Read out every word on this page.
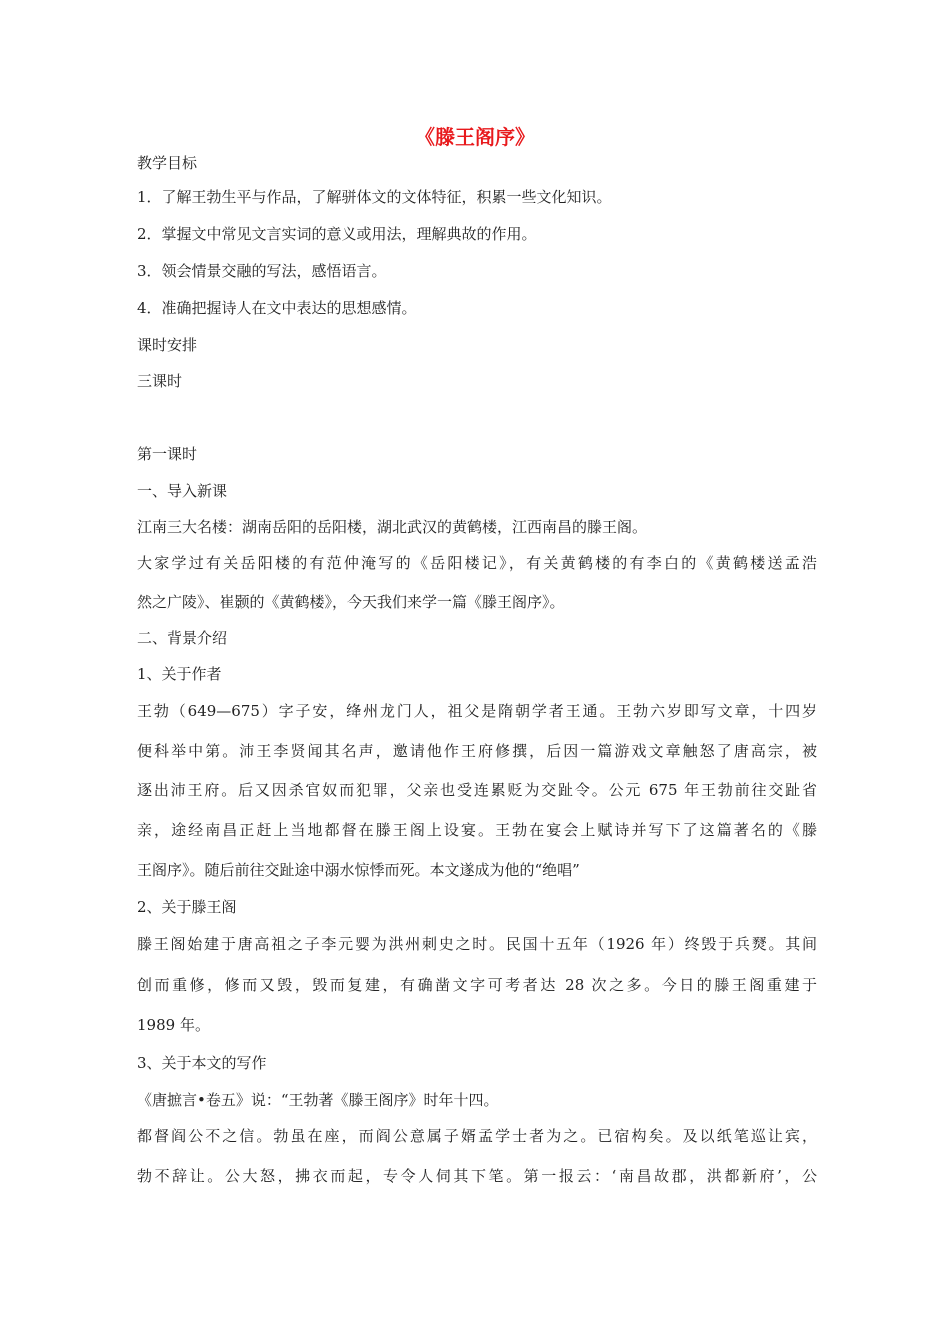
《滕王阁序》
教学目标
1．了解王勃生平与作品，了解骈体文的文体特征，积累一些文化知识。
2．掌握文中常见文言实词的意义或用法，理解典故的作用。
3．领会情景交融的写法，感悟语言。
4．准确把握诗人在文中表达的思想感情。
课时安排
三课时
第一课时
一、导入新课
江南三大名楼：湖南岳阳的岳阳楼，湖北武汉的黄鹤楼，江西南昌的滕王阁。
大家学过有关岳阳楼的有范仲淹写的《岳阳楼记》，有关黄鹤楼的有李白的《黄鹤楼送孟浩
然之广陵》、崔颢的《黄鹤楼》，今天我们来学一篇《滕王阁序》。
二、背景介绍
1、关于作者
王勃（649—675）字子安，绛州龙门人，祖父是隋朝学者王通。王勃六岁即写文章，十四岁
便科举中第。沛王李贤闻其名声，邀请他作王府修撰，后因一篇游戏文章触怒了唐高宗，被
逐出沛王府。后又因杀官奴而犯罪，父亲也受连累贬为交趾令。公元 675 年王勃前往交趾省
亲，途经南昌正赶上当地都督在滕王阁上设宴。王勃在宴会上赋诗并写下了这篇著名的《滕
王阁序》。随后前往交趾途中溺水惊悸而死。本文遂成为他的“绝唱”
2、关于滕王阁
滕王阁始建于唐高祖之子李元婴为洪州刺史之时。民国十五年（1926 年）终毁于兵燹。其间
创而重修，修而又毁，毁而复建，有确凿文字可考者达 28 次之多。今日的滕王阁重建于
1989 年。
3、关于本文的写作
《唐摭言•卷五》说：“王勃著《滕王阁序》时年十四。
都督阎公不之信。勃虽在座，而阎公意属子婿孟学士者为之。已宿构矣。及以纸笔巡让宾，
勃不辞让。公大怒，拂衣而起，专令人伺其下笔。第一报云：‘南昌故郡，洪都新府’，公
